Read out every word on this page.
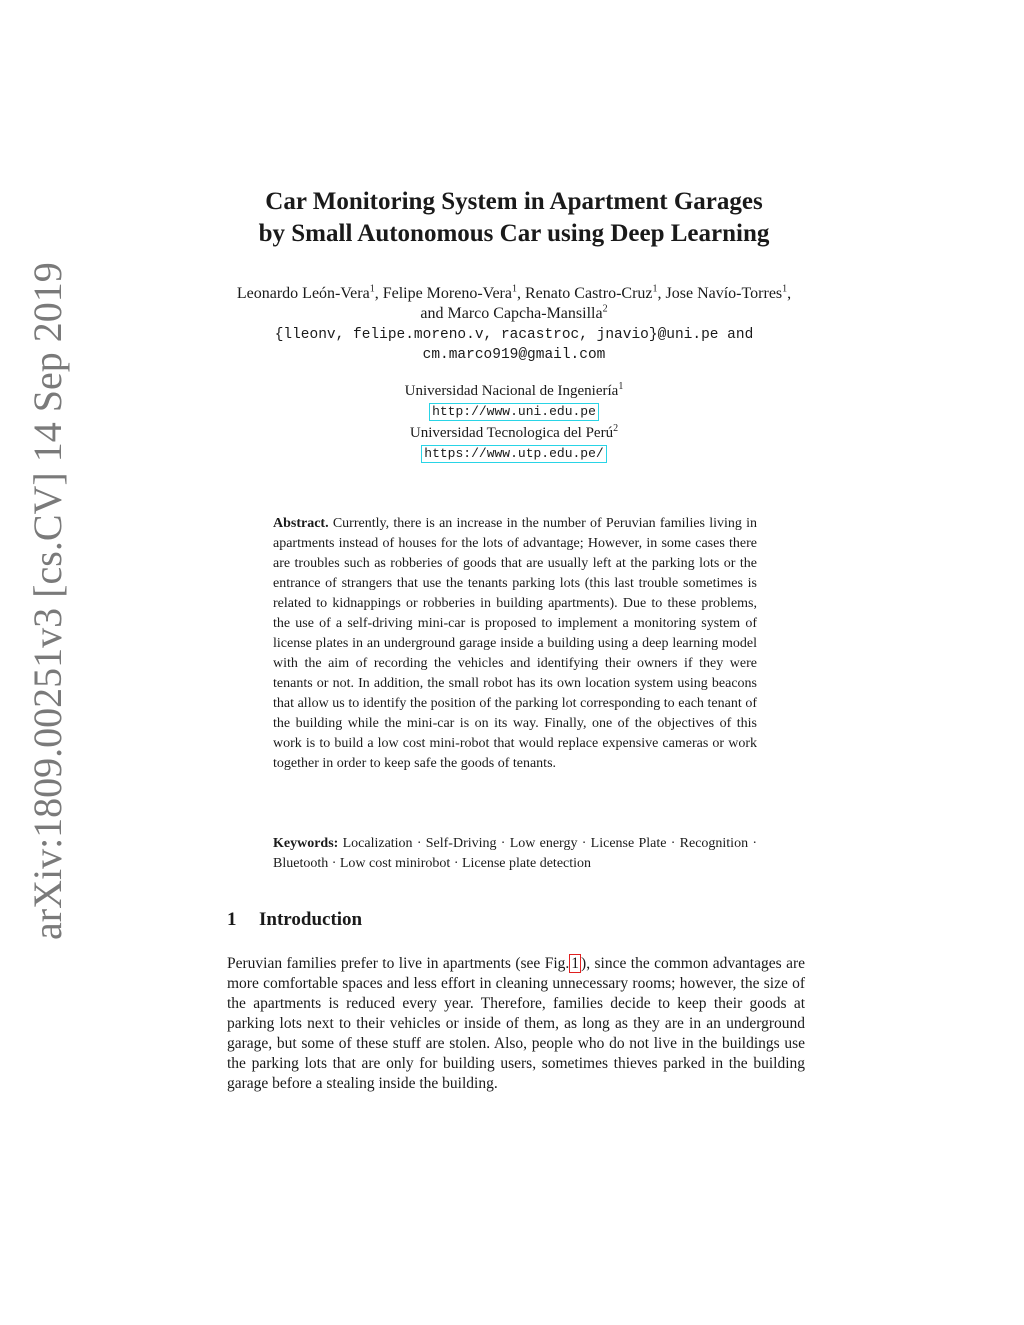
arXiv:1809.00251v3 [cs.CV] 14 Sep 2019
Car Monitoring System in Apartment Garages
by Small Autonomous Car using Deep Learning
Leonardo León-Vera$^1$, Felipe Moreno-Vera$^1$, Renato Castro-Cruz$^1$, Jose Navío-Torres$^1$, and Marco Capcha-Mansilla$^2$
{lleonv, felipe.moreno.v, racastroc, jnavio}@uni.pe and
cm.marco919@gmail.com
Universidad Nacional de Ingeniería$^1$
http://www.uni.edu.pe
Universidad Tecnologica del Perú$^2$
https://www.utp.edu.pe/
Abstract. Currently, there is an increase in the number of Peruvian families living in apartments instead of houses for the lots of advantage; However, in some cases there are troubles such as robberies of goods that are usually left at the parking lots or the entrance of strangers that use the tenants parking lots (this last trouble sometimes is related to kidnappings or robberies in building apartments). Due to these problems, the use of a self-driving mini-car is proposed to implement a monitoring system of license plates in an underground garage inside a building using a deep learning model with the aim of recording the vehicles and identifying their owners if they were tenants or not. In addition, the small robot has its own location system using beacons that allow us to identify the position of the parking lot corresponding to each tenant of the building while the mini-car is on its way. Finally, one of the objectives of this work is to build a low cost mini-robot that would replace expensive cameras or work together in order to keep safe the goods of tenants.
Keywords: Localization · Self-Driving · Low energy · License Plate · Recognition · Bluetooth · Low cost minirobot · License plate detection
1 Introduction
Peruvian families prefer to live in apartments (see Fig. 1 ), since the common advantages are more comfortable spaces and less effort in cleaning unnecessary rooms; however, the size of the apartments is reduced every year. Therefore, families decide to keep their goods at parking lots next to their vehicles or inside of them, as long as they are in an underground garage, but some of these stuff are stolen. Also, people who do not live in the buildings use the parking lots that are only for building users, sometimes thieves parked in the building garage before a stealing inside the building.
